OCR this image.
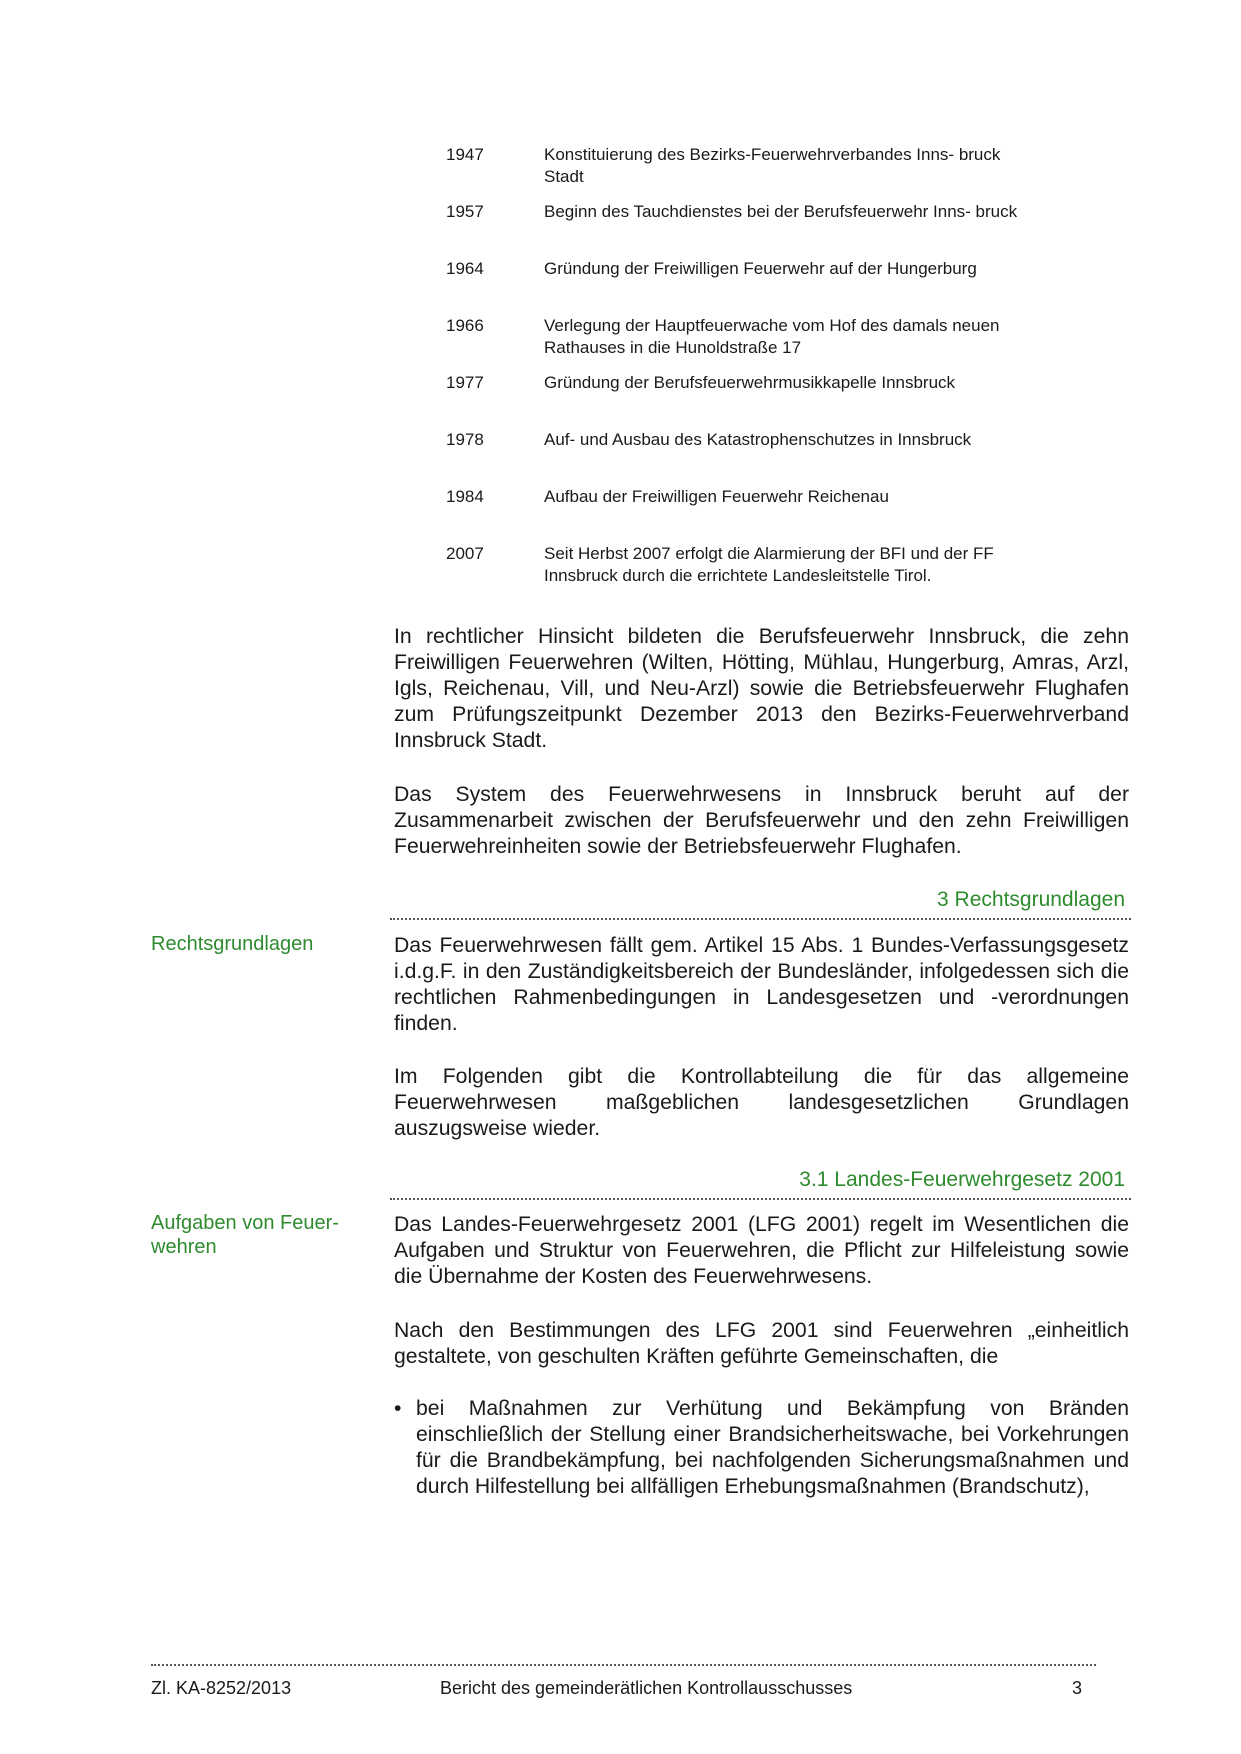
1947	Konstituierung des Bezirks-Feuerwehrverbandes Inns- bruck Stadt
1957	Beginn des Tauchdienstes bei der Berufsfeuerwehr Inns- bruck
1964	Gründung der Freiwilligen Feuerwehr auf der Hungerburg
1966	Verlegung der Hauptfeuerwache vom Hof des damals neuen Rathauses in die Hunoldstraße 17
1977	Gründung der Berufsfeuerwehrmusikkapelle Innsbruck
1978	Auf- und Ausbau des Katastrophenschutzes in Innsbruck
1984	Aufbau der Freiwilligen Feuerwehr Reichenau
2007	Seit Herbst 2007 erfolgt die Alarmierung der BFI und der FF Innsbruck durch die errichtete Landesleitstelle Tirol.

In rechtlicher Hinsicht bildeten die Berufsfeuerwehr Innsbruck, die zehn Freiwilligen Feuerwehren (Wilten, Hötting, Mühlau, Hungerburg, Amras, Arzl, Igls, Reichenau, Vill, und Neu-Arzl) sowie die Betriebsfeuerwehr Flughafen zum Prüfungszeitpunkt Dezember 2013 den Bezirks-Feuerwehrverband Innsbruck Stadt.

Das System des Feuerwehrwesens in Innsbruck beruht auf der Zusammenarbeit zwischen der Berufsfeuerwehr und den zehn Freiwilligen Feuerwehreinheiten sowie der Betriebsfeuerwehr Flughafen.

3 Rechtsgrundlagen
Rechtsgrundlagen	Das Feuerwehrwesen fällt gem. Artikel 15 Abs. 1 Bundes-Verfassungsgesetz i.d.g.F. in den Zuständigkeitsbereich der Bundesländer, infolgedessen sich die rechtlichen Rahmenbedingungen in Landesgesetzen und -verordnungen finden.

Im Folgenden gibt die Kontrollabteilung die für das allgemeine Feuerwehrwesen maßgeblichen landesgesetzlichen Grundlagen auszugsweise wieder.

3.1 Landes-Feuerwehrgesetz 2001
Aufgaben von Feuer- wehren

Das Landes-Feuerwehrgesetz 2001 (LFG 2001) regelt im Wesentlichen die Aufgaben und Struktur von Feuerwehren, die Pflicht zur Hilfeleistung sowie die Übernahme der Kosten des Feuerwehrwesens.

Nach den Bestimmungen des LFG 2001 sind Feuerwehren „einheitlich gestaltete, von geschulten Kräften geführte Gemeinschaften, die

• bei Maßnahmen zur Verhütung und Bekämpfung von Bränden einschließlich der Stellung einer Brandsicherheitswache, bei Vorkehrungen für die Brandbekämpfung, bei nachfolgenden Sicherungsmaßnahmen und durch Hilfestellung bei allfälligen Erhebungsmaßnahmen (Brandschutz),
Zl. KA-8252/2013	Bericht des gemeinderätlichen Kontrollausschusses	3
